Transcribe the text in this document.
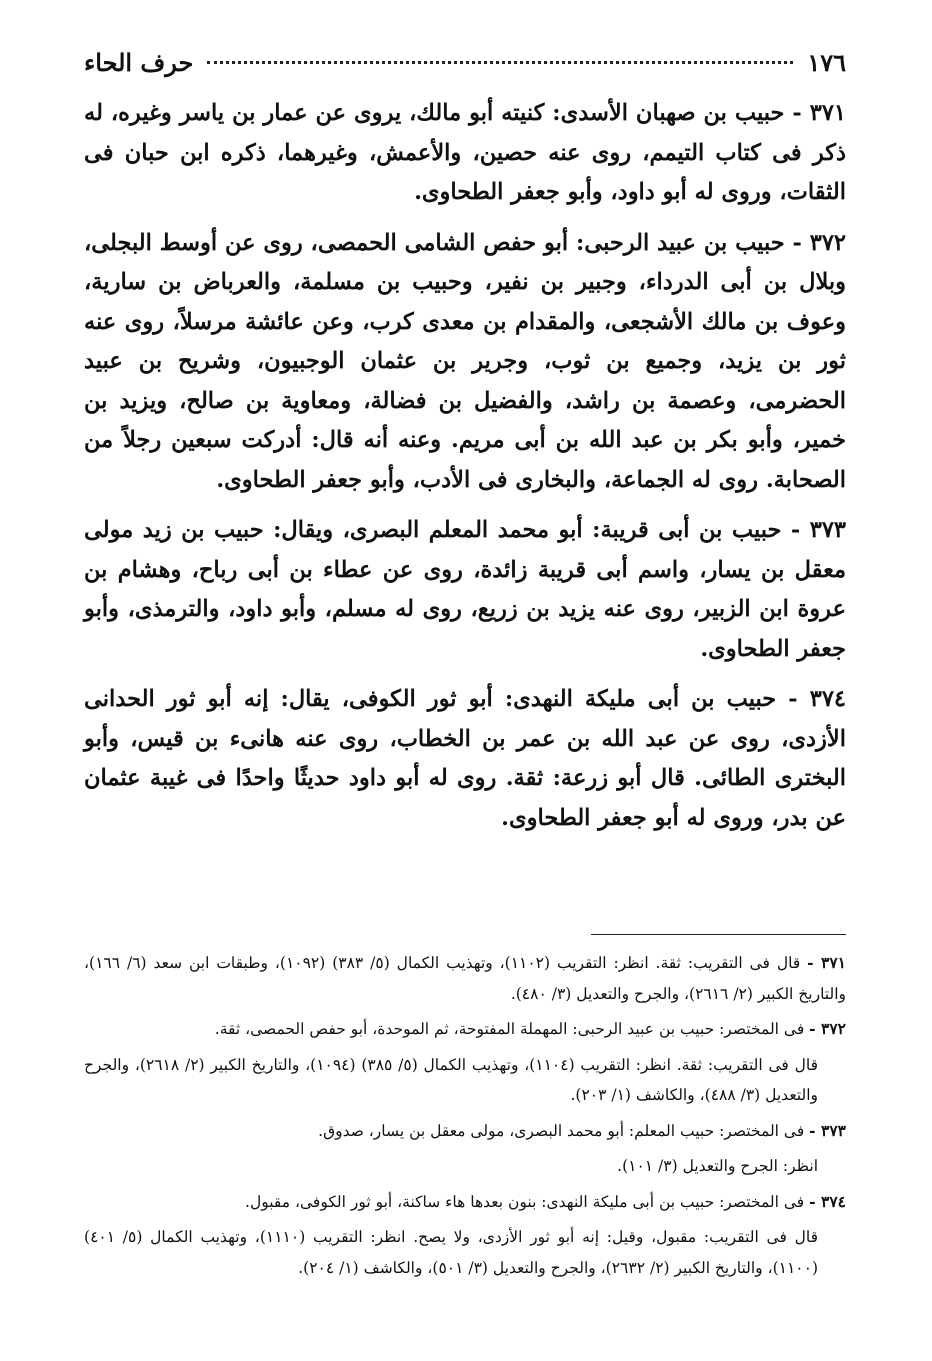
١٧٦
حرف الحاء

٣٧١ - حبيب بن صهبان الأسدى: كنيته أبو مالك، يروى عن عمار بن ياسر وغيره، له ذكر فى كتاب التيمم، روى عنه حصين، والأعمش، وغيرهما، ذكره ابن حبان فى الثقات، وروى له أبو داود، وأبو جعفر الطحاوى.

٣٧٢ - حبيب بن عبيد الرحبى: أبو حفص الشامى الحمصى، روى عن أوسط البجلى، وبلال بن أبى الدرداء، وجبير بن نفير، وحبيب بن مسلمة، والعرباض بن سارية، وعوف بن مالك الأشجعى، والمقدام بن معدى كرب، وعن عائشة مرسلاً، روى عنه ثور بن يزيد، وجميع بن ثوب، وجرير بن عثمان الوجبيون، وشريح بن عبيد الحضرمى، وعصمة بن راشد، والفضيل بن فضالة، ومعاوية بن صالح، ويزيد بن خمير، وأبو بكر بن عبد الله بن أبى مريم. وعنه أنه قال: أدركت سبعين رجلاً من الصحابة. روى له الجماعة، والبخارى فى الأدب، وأبو جعفر الطحاوى.

٣٧٣ - حبيب بن أبى قريبة: أبو محمد المعلم البصرى، ويقال: حبيب بن زيد مولى معقل بن يسار، واسم أبى قريبة زائدة، روى عن عطاء بن أبى رباح، وهشام بن عروة ابن الزبير، روى عنه يزيد بن زريع، روى له مسلم، وأبو داود، والترمذى، وأبو جعفر الطحاوى.

٣٧٤ - حبيب بن أبى مليكة النهدى: أبو ثور الكوفى، يقال: إنه أبو ثور الحدانى الأزدى، روى عن عبد الله بن عمر بن الخطاب، روى عنه هانىء بن قيس، وأبو البخترى الطائى. قال أبو زرعة: ثقة. روى له أبو داود حديثًا واحدًا فى غيبة عثمان عن بدر، وروى له أبو جعفر الطحاوى.

٣٧١ - قال فى التقريب: ثقة. انظر: التقريب (١١٠٢)، وتهذيب الكمال (٥/ ٣٨٣) (١٠٩٢)، وطبقات ابن سعد (٦/ ١٦٦)، والتاريخ الكبير (٢/ ٢٦١٦)، والجرح والتعديل (٣/ ٤٨٠).

٣٧٢ - فى المختصر: حبيب بن عبيد الرحبى: المهملة المفتوحة، ثم الموحدة، أبو حفص الحمصى، ثقة.

قال فى التقريب: ثقة. انظر: التقريب (١١٠٤)، وتهذيب الكمال (٥/ ٣٨٥) (١٠٩٤)، والتاريخ الكبير (٢/ ٢٦١٨)، والجرح والتعديل (٣/ ٤٨٨)، والكاشف (١/ ٢٠٣).

٣٧٣ - فى المختصر: حبيب المعلم: أبو محمد البصرى، مولى معقل بن يسار، صدوق.

انظر: الجرح والتعديل (٣/ ١٠١).

٣٧٤ - فى المختصر: حبيب بن أبى مليكة النهدى: بنون بعدها هاء ساكنة، أبو ثور الكوفى، مقبول.

قال فى التقريب: مقبول، وقيل: إنه أبو ثور الأزدى، ولا يصح. انظر: التقريب (١١١٠)، وتهذيب الكمال (٥/ ٤٠١) (١١٠٠)، والتاريخ الكبير (٢/ ٢٦٣٢)، والجرح والتعديل (٣/ ٥٠١)، والكاشف (١/ ٢٠٤).
